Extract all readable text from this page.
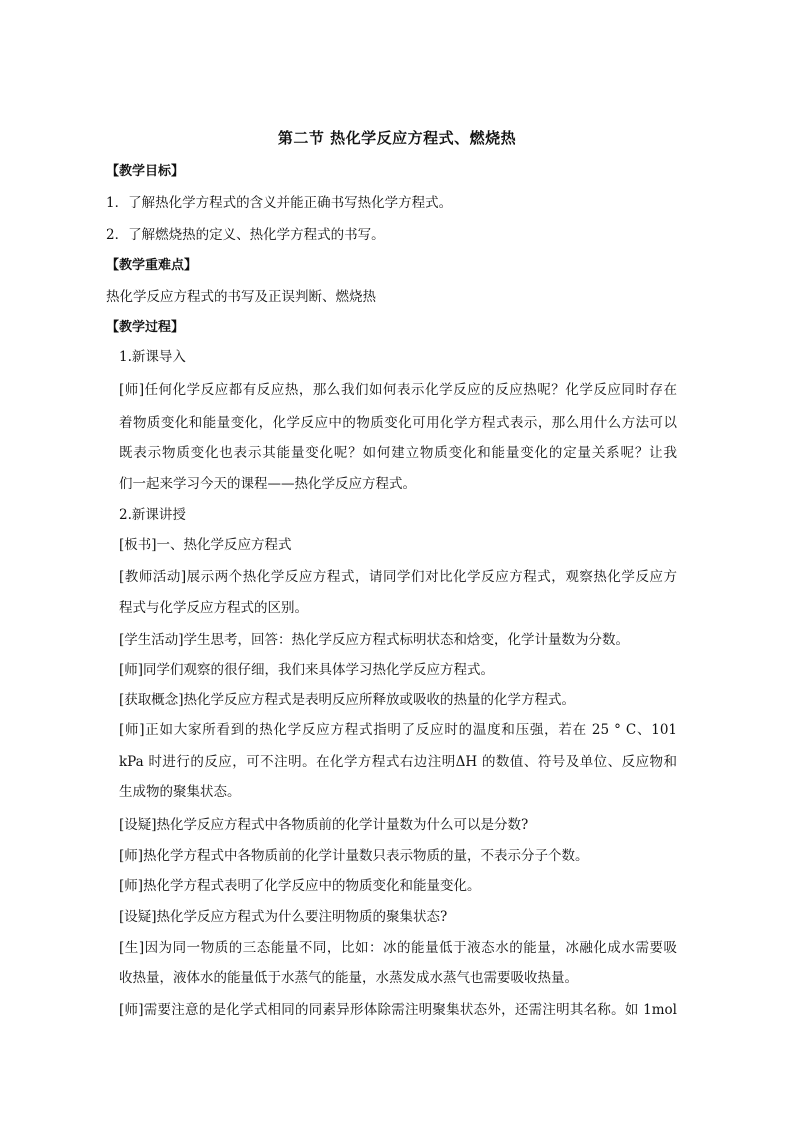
第二节 热化学反应方程式、燃烧热
【教学目标】
1．了解热化学方程式的含义并能正确书写热化学方程式。
2．了解燃烧热的定义、热化学方程式的书写。
【教学重难点】
热化学反应方程式的书写及正误判断、燃烧热
【教学过程】
1.新课导入
[师]任何化学反应都有反应热，那么我们如何表示化学反应的反应热呢？化学反应同时存在
着物质变化和能量变化，化学反应中的物质变化可用化学方程式表示，那么用什么方法可以
既表示物质变化也表示其能量变化呢？如何建立物质变化和能量变化的定量关系呢？让我
们一起来学习今天的课程——热化学反应方程式。
2.新课讲授
[板书]一、热化学反应方程式
[教师活动]展示两个热化学反应方程式，请同学们对比化学反应方程式，观察热化学反应方
程式与化学反应方程式的区别。
[学生活动]学生思考，回答：热化学反应方程式标明状态和焓变，化学计量数为分数。
[师]同学们观察的很仔细，我们来具体学习热化学反应方程式。
[获取概念]热化学反应方程式是表明反应所释放或吸收的热量的化学方程式。
[师]正如大家所看到的热化学反应方程式指明了反应时的温度和压强，若在 25 ° C、101
kPa 时进行的反应，可不注明。在化学方程式右边注明ΔH 的数值、符号及单位、反应物和
生成物的聚集状态。
[设疑]热化学反应方程式中各物质前的化学计量数为什么可以是分数?
[师]热化学方程式中各物质前的化学计量数只表示物质的量，不表示分子个数。
[师]热化学方程式表明了化学反应中的物质变化和能量变化。
[设疑]热化学反应方程式为什么要注明物质的聚集状态?
[生]因为同一物质的三态能量不同，比如：冰的能量低于液态水的能量，冰融化成水需要吸
收热量，液体水的能量低于水蒸气的能量，水蒸发成水蒸气也需要吸收热量。
[师]需要注意的是化学式相同的同素异形体除需注明聚集状态外，还需注明其名称。如 1mol
